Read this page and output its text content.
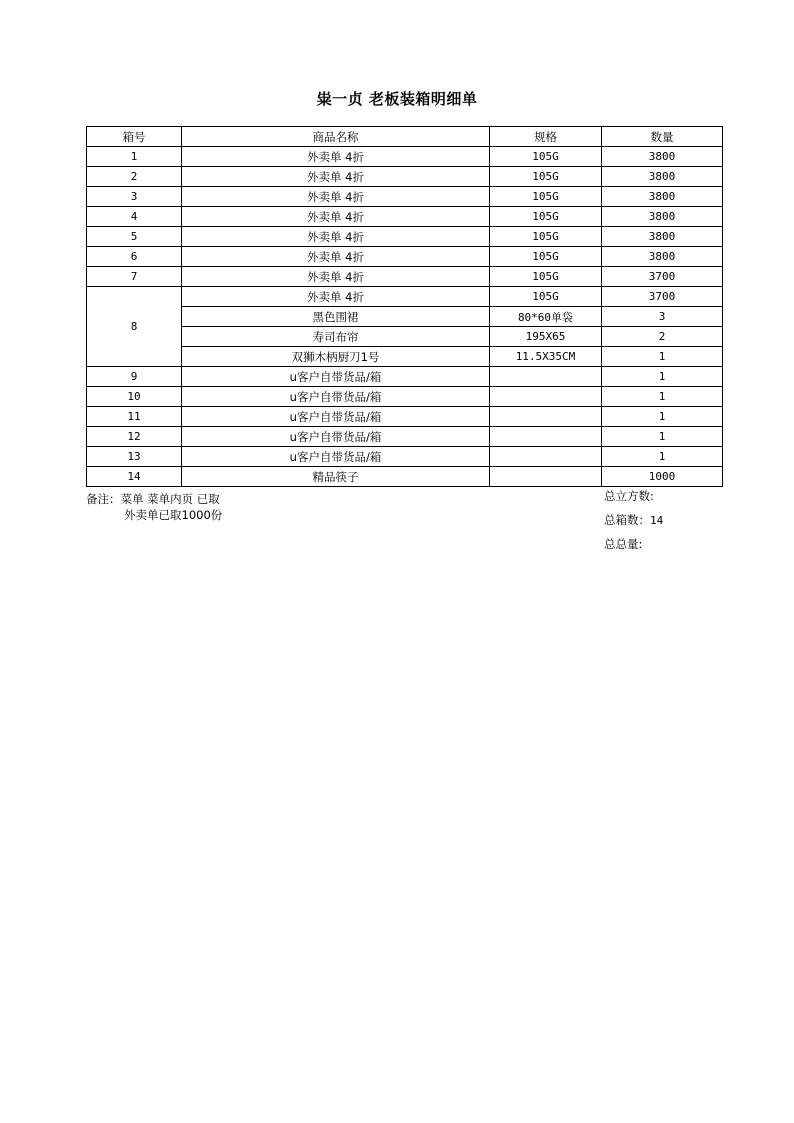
粜一贞 老板装箱明细单
箱号	商品名称	规格	数量
1	外卖单 4折	105G	3800
2	外卖单 4折	105G	3800
3	外卖单 4折	105G	3800
4	外卖单 4折	105G	3800
5	外卖单 4折	105G	3800
6	外卖单 4折	105G	3800
7	外卖单 4折	105G	3700
8	外卖单 4折	105G	3700
	黑色围裙	80*60单袋	3
	寿司布帘	195X65	2
	双狮木柄厨刀1号	11.5X35CM	1
9	u客户自带货品/箱		1
10	u客户自带货品/箱		1
11	u客户自带货品/箱		1
12	u客户自带货品/箱		1
13	u客户自带货品/箱		1
14	精品筷子		1000
备注：菜单 菜单内页 已取
外卖单已取1000份
总立方数:
总箱数：14
总总量:
